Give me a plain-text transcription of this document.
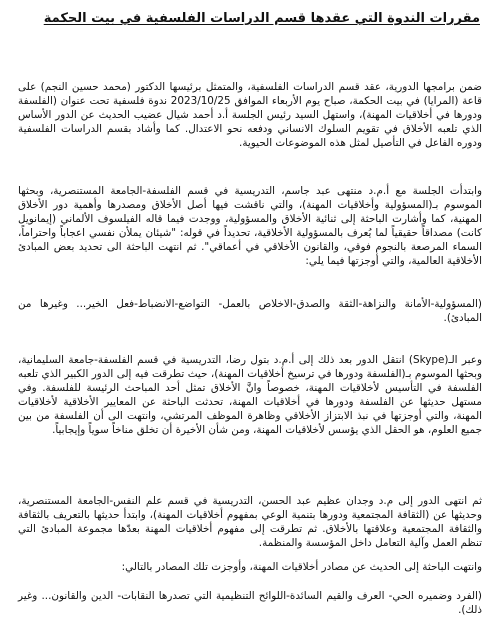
مقررات الندوة التي عقدها قسم الدراسات الفلسفية في بيت الحكمة

ضمن برامجها الدورية، عقد قسم الدراسات الفلسفية، والمتمثل برئيسها الدكتور (محمد حسين النجم) على قاعة (المرايا) في بيت الحكمة، صباح يوم الأربعاء الموافق 2023/10/25 ندوة فلسفية تحت عنوان (الفلسفة ودورها في أخلاقيات المهنة)، واستهل السيد رئيس الجلسة أ.د أحمد شيال عضيب الحديث عن الدور الأساس الذي تلعبه الأخلاق في تقويم السلوك الانساني ودفعه نحو الاعتدال. كما وأشاد بقسم الدراسات الفلسفية ودوره الفاعل في التأصيل لمثل هذه الموضوعات الحيوية.

وابتدأت الجلسة مع أ.م.د منتهى عبد جاسم، التدريسية في قسم الفلسفة-الجامعة المستنصرية، وبحثها الموسوم بـ(المسؤولية وأخلاقيات المهنة)، والتي ناقشت فيها أصل الأخلاق ومصدرها وأهمية دور الأخلاق المهنية، كما وأشارت الباحثة إلى ثنائية الأخلاق والمسؤولية، ووجدت فيما قاله الفيلسوف الألماني (إيمانويل كانت) مصداقاً حقيقياً لما يُعرف بالمسؤولية الأخلاقية، تحديداً في قوله: "شيئان يملأن نفسي اعجاباً واحتراماً، السماء المرصعة بالنجوم فوقي، والقانون الأخلاقي في أعماقي". ثم انتهت الباحثة الى تحديد بعض المبادئ الأخلاقية العالمية، والتي أوجزتها فيما يلي:

(المسؤولية-الأمانة والنزاهة-الثقة والصدق-الاخلاص بالعمل- التواضع-الانضباط-فعل الخير... وغيرها من المبادئ).

وعبر الـ(Skype) انتقل الدور بعد ذلك إلى أ.م.د بتول رضا، التدريسية في قسم الفلسفة-جامعة السليمانية، وبحثها الموسوم بـ(الفلسفة ودورها في ترسيخ أخلاقيات المهنة)، حيث تطرقت فيه إلى الدور الكبير الذي تلعبه الفلسفة في التأسيس لأخلاقيات المهنة، خصوصاً وانَّ الأخلاق تمثل أحد المباحث الرئيسة للفلسفة. وفي مستهل حديثها عن الفلسفة ودورها في أخلاقيات المهنة، تحدثت الباحثة عن المعايير الأخلاقية لأخلاقيات المهنة، والتي أوجزتها في نبذ الابتزاز الأخلاقي وظاهرة الموظف المرتشي، وانتهت الى أن الفلسفة من بين جميع العلوم، هو الحقل الذي يؤسس لأخلاقيات المهنة، ومن شأن الأخيرة أن تخلق مناخاً سوياً وإيجابياً.

ثم انتهى الدور إلى م.د وجدان عظيم عبد الحسن، التدريسية في قسم علم النفس-الجامعة المستنصرية، وحديثها عن (الثقافة المجتمعية ودورها بتنمية الوعي بمفهوم أخلاقيات المهنة)، وابتدأ حديثها بالتعريف بالثقافة والثقافة المجتمعية وعلاقتها بالأخلاق. ثم تطرقت إلى مفهوم أخلاقيات المهنة بعدّها مجموعة المبادئ التي تنظم العمل وآلية التعامل داخل المؤسسة والمنظمة.

وانتهت الباحثة إلى الحديث عن مصادر أخلاقيات المهنة، وأوجزت تلك المصادر بالتالي:

(الفرد وضميره الحي- العرف والقيم السائدة-اللوائح التنظيمية التي تصدرها النقابات- الدين والقانون... وغير ذلك).
